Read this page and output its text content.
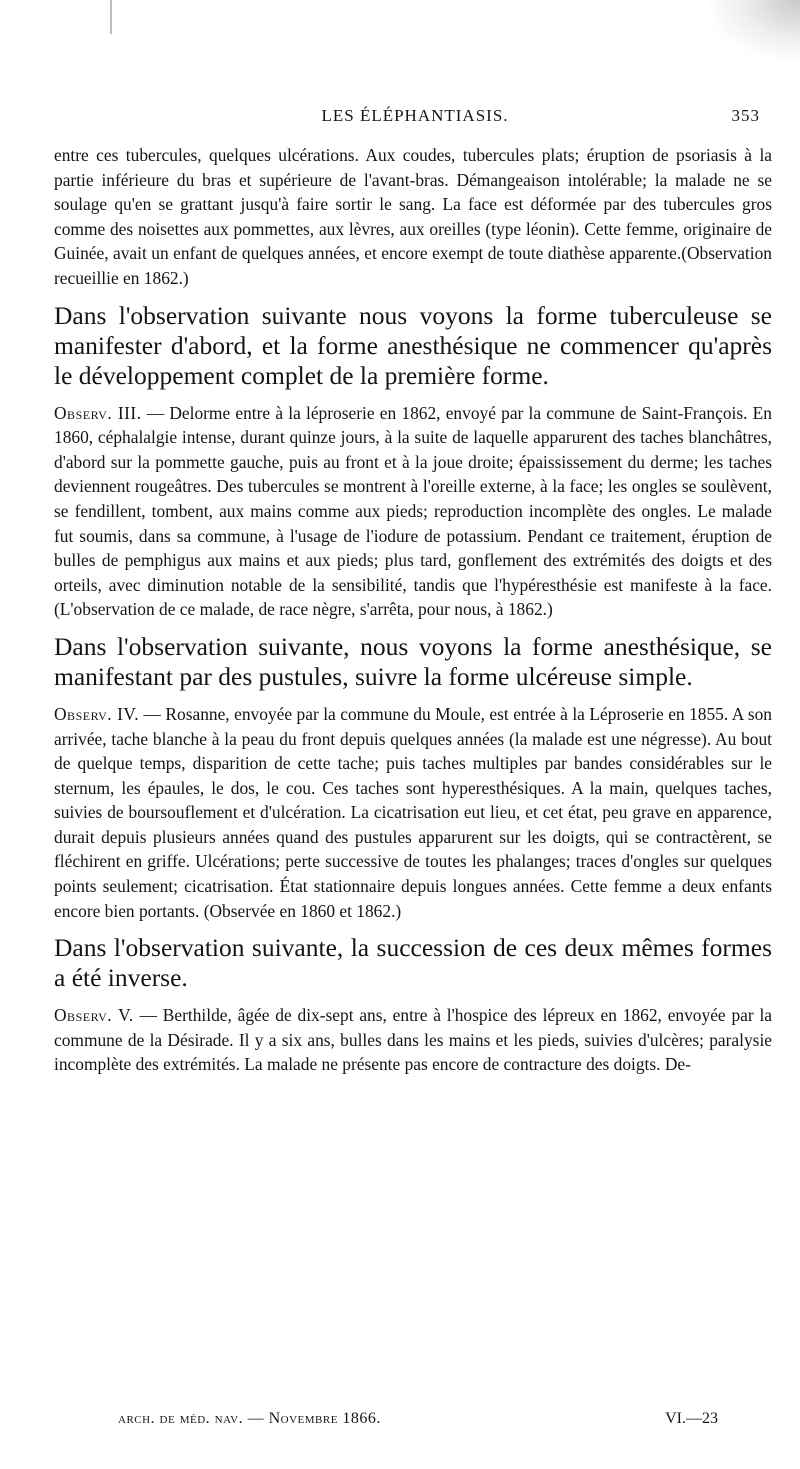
LES ÉLÉPHANTIASIS.	353

entre ces tubercules, quelques ulcérations. Aux coudes, tubercules plats; éruption de psoriasis à la partie inférieure du bras et supérieure de l'avant-bras. Démangeaison intolérable; la malade ne se soulage qu'en se grattant jusqu'à faire sortir le sang. La face est déformée par des tubercules gros comme des noisettes aux pommettes, aux lèvres, aux oreilles (type léonin). Cette femme, originaire de Guinée, avait un enfant de quelques années, et encore exempt de toute diathèse apparente.(Observation recueillie en 1862.)

Dans l'observation suivante nous voyons la forme tuberculeuse se manifester d'abord, et la forme anesthésique ne commencer qu'après le développement complet de la première forme.

Observ. III. — Delorme entre à la léproserie en 1862, envoyé par la commune de Saint-François. En 1860, céphalalgie intense, durant quinze jours, à la suite de laquelle apparurent des taches blanchâtres, d'abord sur la pommette gauche, puis au front et à la joue droite; épaississement du derme; les taches deviennent rougeâtres. Des tubercules se montrent à l'oreille externe, à la face; les ongles se soulèvent, se fendillent, tombent, aux mains comme aux pieds; reproduction incomplète des ongles. Le malade fut soumis, dans sa commune, à l'usage de l'iodure de potassium. Pendant ce traitement, éruption de bulles de pemphigus aux mains et aux pieds; plus tard, gonflement des extrémités des doigts et des orteils, avec diminution notable de la sensibilité, tandis que l'hypéresthésie est manifeste à la face. (L'observation de ce malade, de race nègre, s'arrêta, pour nous, à 1862.)

Dans l'observation suivante, nous voyons la forme anesthésique, se manifestant par des pustules, suivre la forme ulcéreuse simple.

Observ. IV. — Rosanne, envoyée par la commune du Moule, est entrée à la Léproserie en 1855. A son arrivée, tache blanche à la peau du front depuis quelques années (la malade est une négresse). Au bout de quelque temps, disparition de cette tache; puis taches multiples par bandes considérables sur le sternum, les épaules, le dos, le cou. Ces taches sont hyperesthésiques. A la main, quelques taches, suivies de boursouflement et d'ulcération. La cicatrisation eut lieu, et cet état, peu grave en apparence, durait depuis plusieurs années quand des pustules apparurent sur les doigts, qui se contractèrent, se fléchirent en griffe. Ulcérations; perte successive de toutes les phalanges; traces d'ongles sur quelques points seulement; cicatrisation. État stationnaire depuis longues années. Cette femme a deux enfants encore bien portants. (Observée en 1860 et 1862.)

Dans l'observation suivante, la succession de ces deux mêmes formes a été inverse.

Observ. V. — Berthilde, âgée de dix-sept ans, entre à l'hospice des lépreux en 1862, envoyée par la commune de la Désirade. Il y a six ans, bulles dans les mains et les pieds, suivies d'ulcères; paralysie incomplète des extrémités. La malade ne présente pas encore de contracture des doigts. De-

arch. de méd. nav. — Novembre 1866.	VI.—23
